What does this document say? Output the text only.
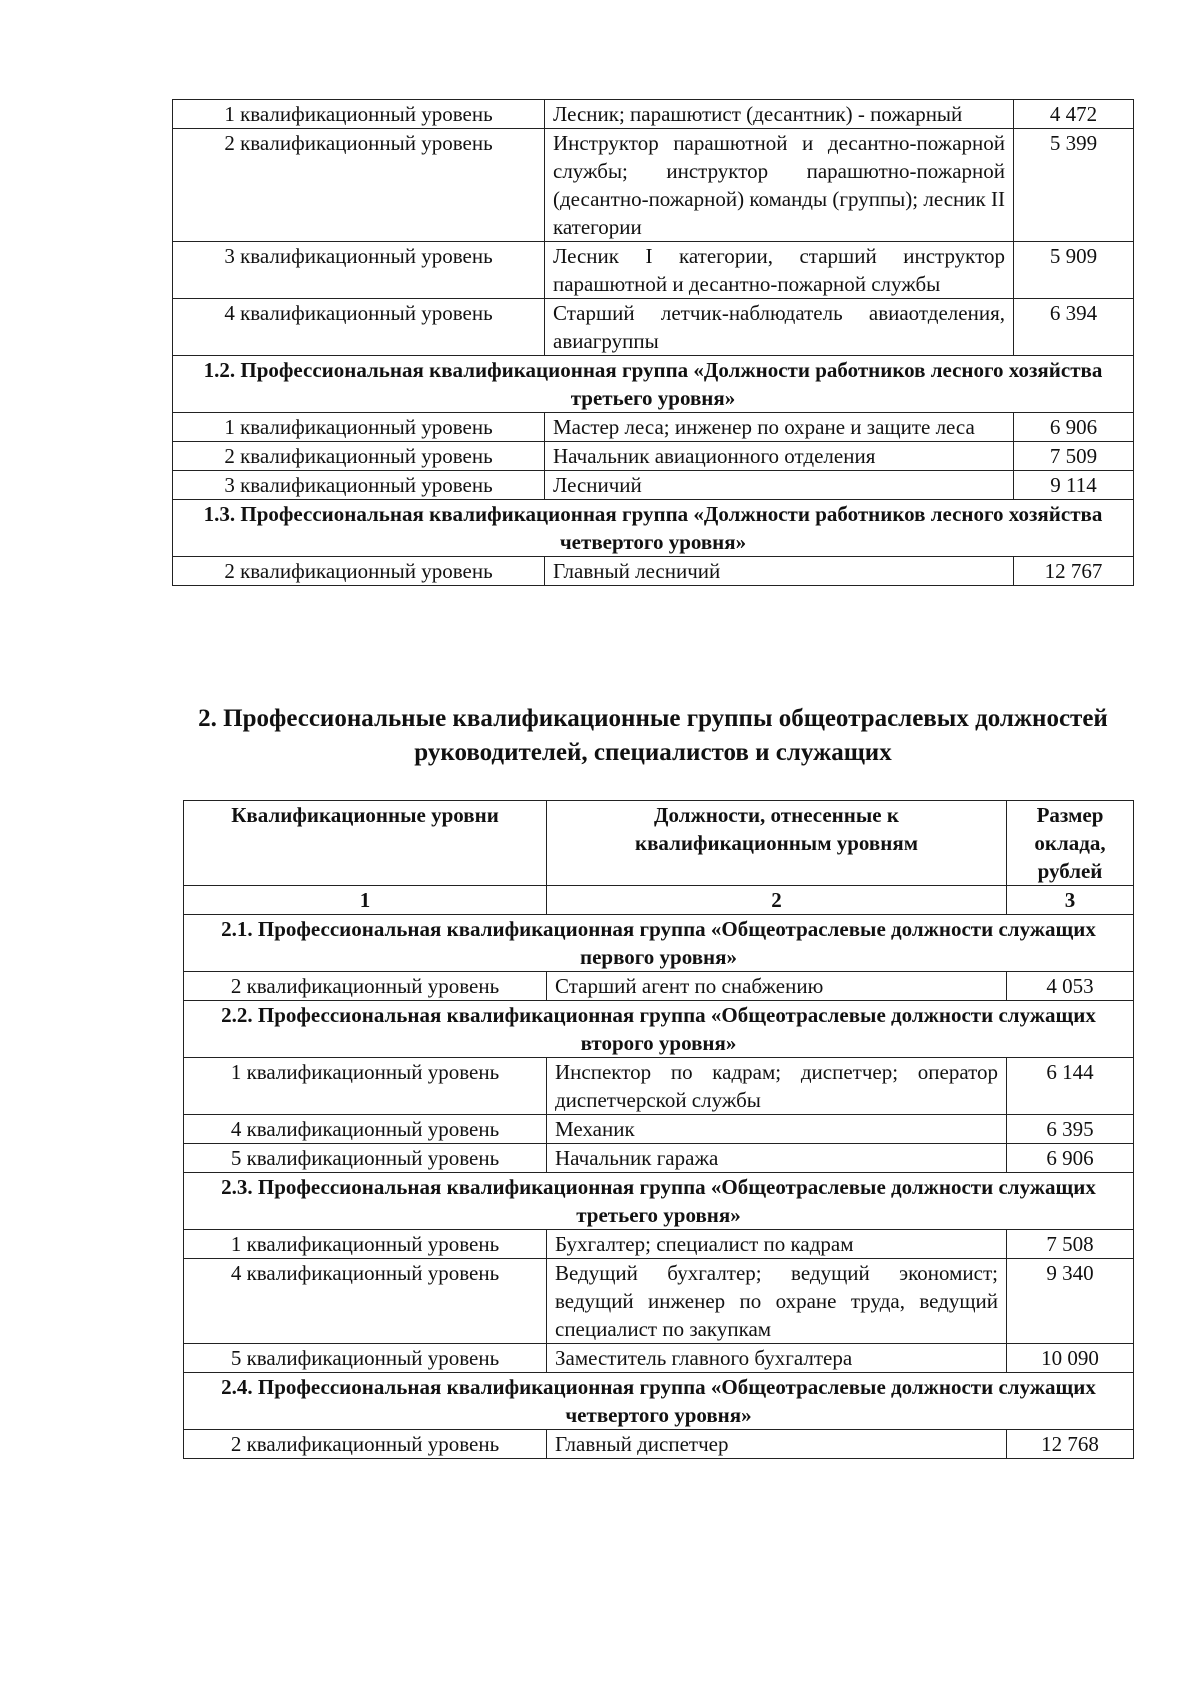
1 квалификационный уровень	Лесник; парашютист (десантник) - пожарный	4 472
2 квалификационный уровень	Инструктор парашютной и десантно-пожарной службы; инструктор парашютно-пожарной (десантно-пожарной) команды (группы); лесник II категории	5 399
3 квалификационный уровень	Лесник I категории, старший инструктор парашютной и десантно-пожарной службы	5 909
4 квалификационный уровень	Старший летчик-наблюдатель авиаотделения, авиагруппы	6 394
1.2. Профессиональная квалификационная группа «Должности работников лесного хозяйства третьего уровня»		
1 квалификационный уровень	Мастер леса; инженер по охране и защите леса	6 906
2 квалификационный уровень	Начальник авиационного отделения	7 509
3 квалификационный уровень	Лесничий	9 114
1.3. Профессиональная квалификационная группа «Должности работников лесного хозяйства четвертого уровня»		
2 квалификационный уровень	Главный лесничий	12 767
2. Профессиональные квалификационные группы общеотраслевых должностей руководителей, специалистов и служащих
Квалификационные уровни	Должности, отнесенные к квалификационным уровням	Размер оклада, рублей
1	2	3
2.1. Профессиональная квалификационная группа «Общеотраслевые должности служащих первого уровня»		
2 квалификационный уровень	Старший агент по снабжению	4 053
2.2. Профессиональная квалификационная группа «Общеотраслевые должности служащих второго уровня»		
1 квалификационный уровень	Инспектор по кадрам; диспетчер; оператор диспетчерской службы	6 144
4 квалификационный уровень	Механик	6 395
5 квалификационный уровень	Начальник гаража	6 906
2.3. Профессиональная квалификационная группа «Общеотраслевые должности служащих третьего уровня»		
1 квалификационный уровень	Бухгалтер; специалист по кадрам	7 508
4 квалификационный уровень	Ведущий бухгалтер; ведущий экономист; ведущий инженер по охране труда, ведущий специалист по закупкам	9 340
5 квалификационный уровень	Заместитель главного бухгалтера	10 090
2.4. Профессиональная квалификационная группа «Общеотраслевые должности служащих четвертого уровня»		
2 квалификационный уровень	Главный диспетчер	12 768
